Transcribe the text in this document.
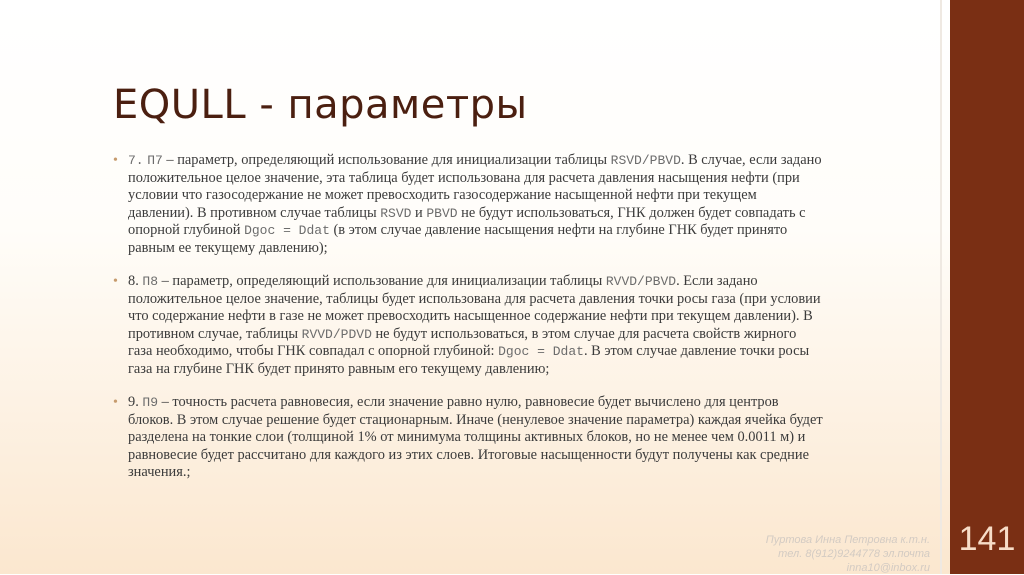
141
EQULL - параметры

• 7. П7 – параметр, определяющий использование для инициализации таблицы RSVD/PBVD. В случае, если задано положительное целое значение, эта таблица будет использована для расчета давления насыщения нефти (при условии что газосодержание не может превосходить газосодержание насыщенной нефти при текущем давлении). В противном случае таблицы RSVD и PBVD не будут использоваться, ГНК должен будет совпадать с опорной глубиной Dgoc = Ddat (в этом случае давление насыщения нефти на глубине ГНК будет принято равным ее текущему давлению);

• 8. П8 – параметр, определяющий использование для инициализации таблицы RVVD/PBVD. Если задано положительное целое значение, таблицы будет использована для расчета давления точки росы газа (при условии что содержание нефти в газе не может превосходить насыщенное содержание нефти при текущем давлении). В противном случае, таблицы RVVD/PDVD не будут использоваться, в этом случае для расчета свойств жирного газа необходимо, чтобы ГНК совпадал с опорной глубиной: Dgoc = Ddat. В этом случае давление точки росы газа на глубине ГНК будет принято равным его текущему давлению;

• 9. П9 – точность расчета равновесия, если значение равно нулю, равновесие будет вычислено для центров блоков. В этом случае решение будет стационарным. Иначе (ненулевое значение параметра) каждая ячейка будет разделена на тонкие слои (толщиной 1% от минимума толщины активных блоков, но не менее чем 0.0011 м) и равновесие будет рассчитано для каждого из этих слоев. Итоговые насыщенности будут получены как средние значения.;

Пуртова Инна Петровна к.т.н.
тел. 8(912)9244778 эл.почта
inna10@inbox.ru
